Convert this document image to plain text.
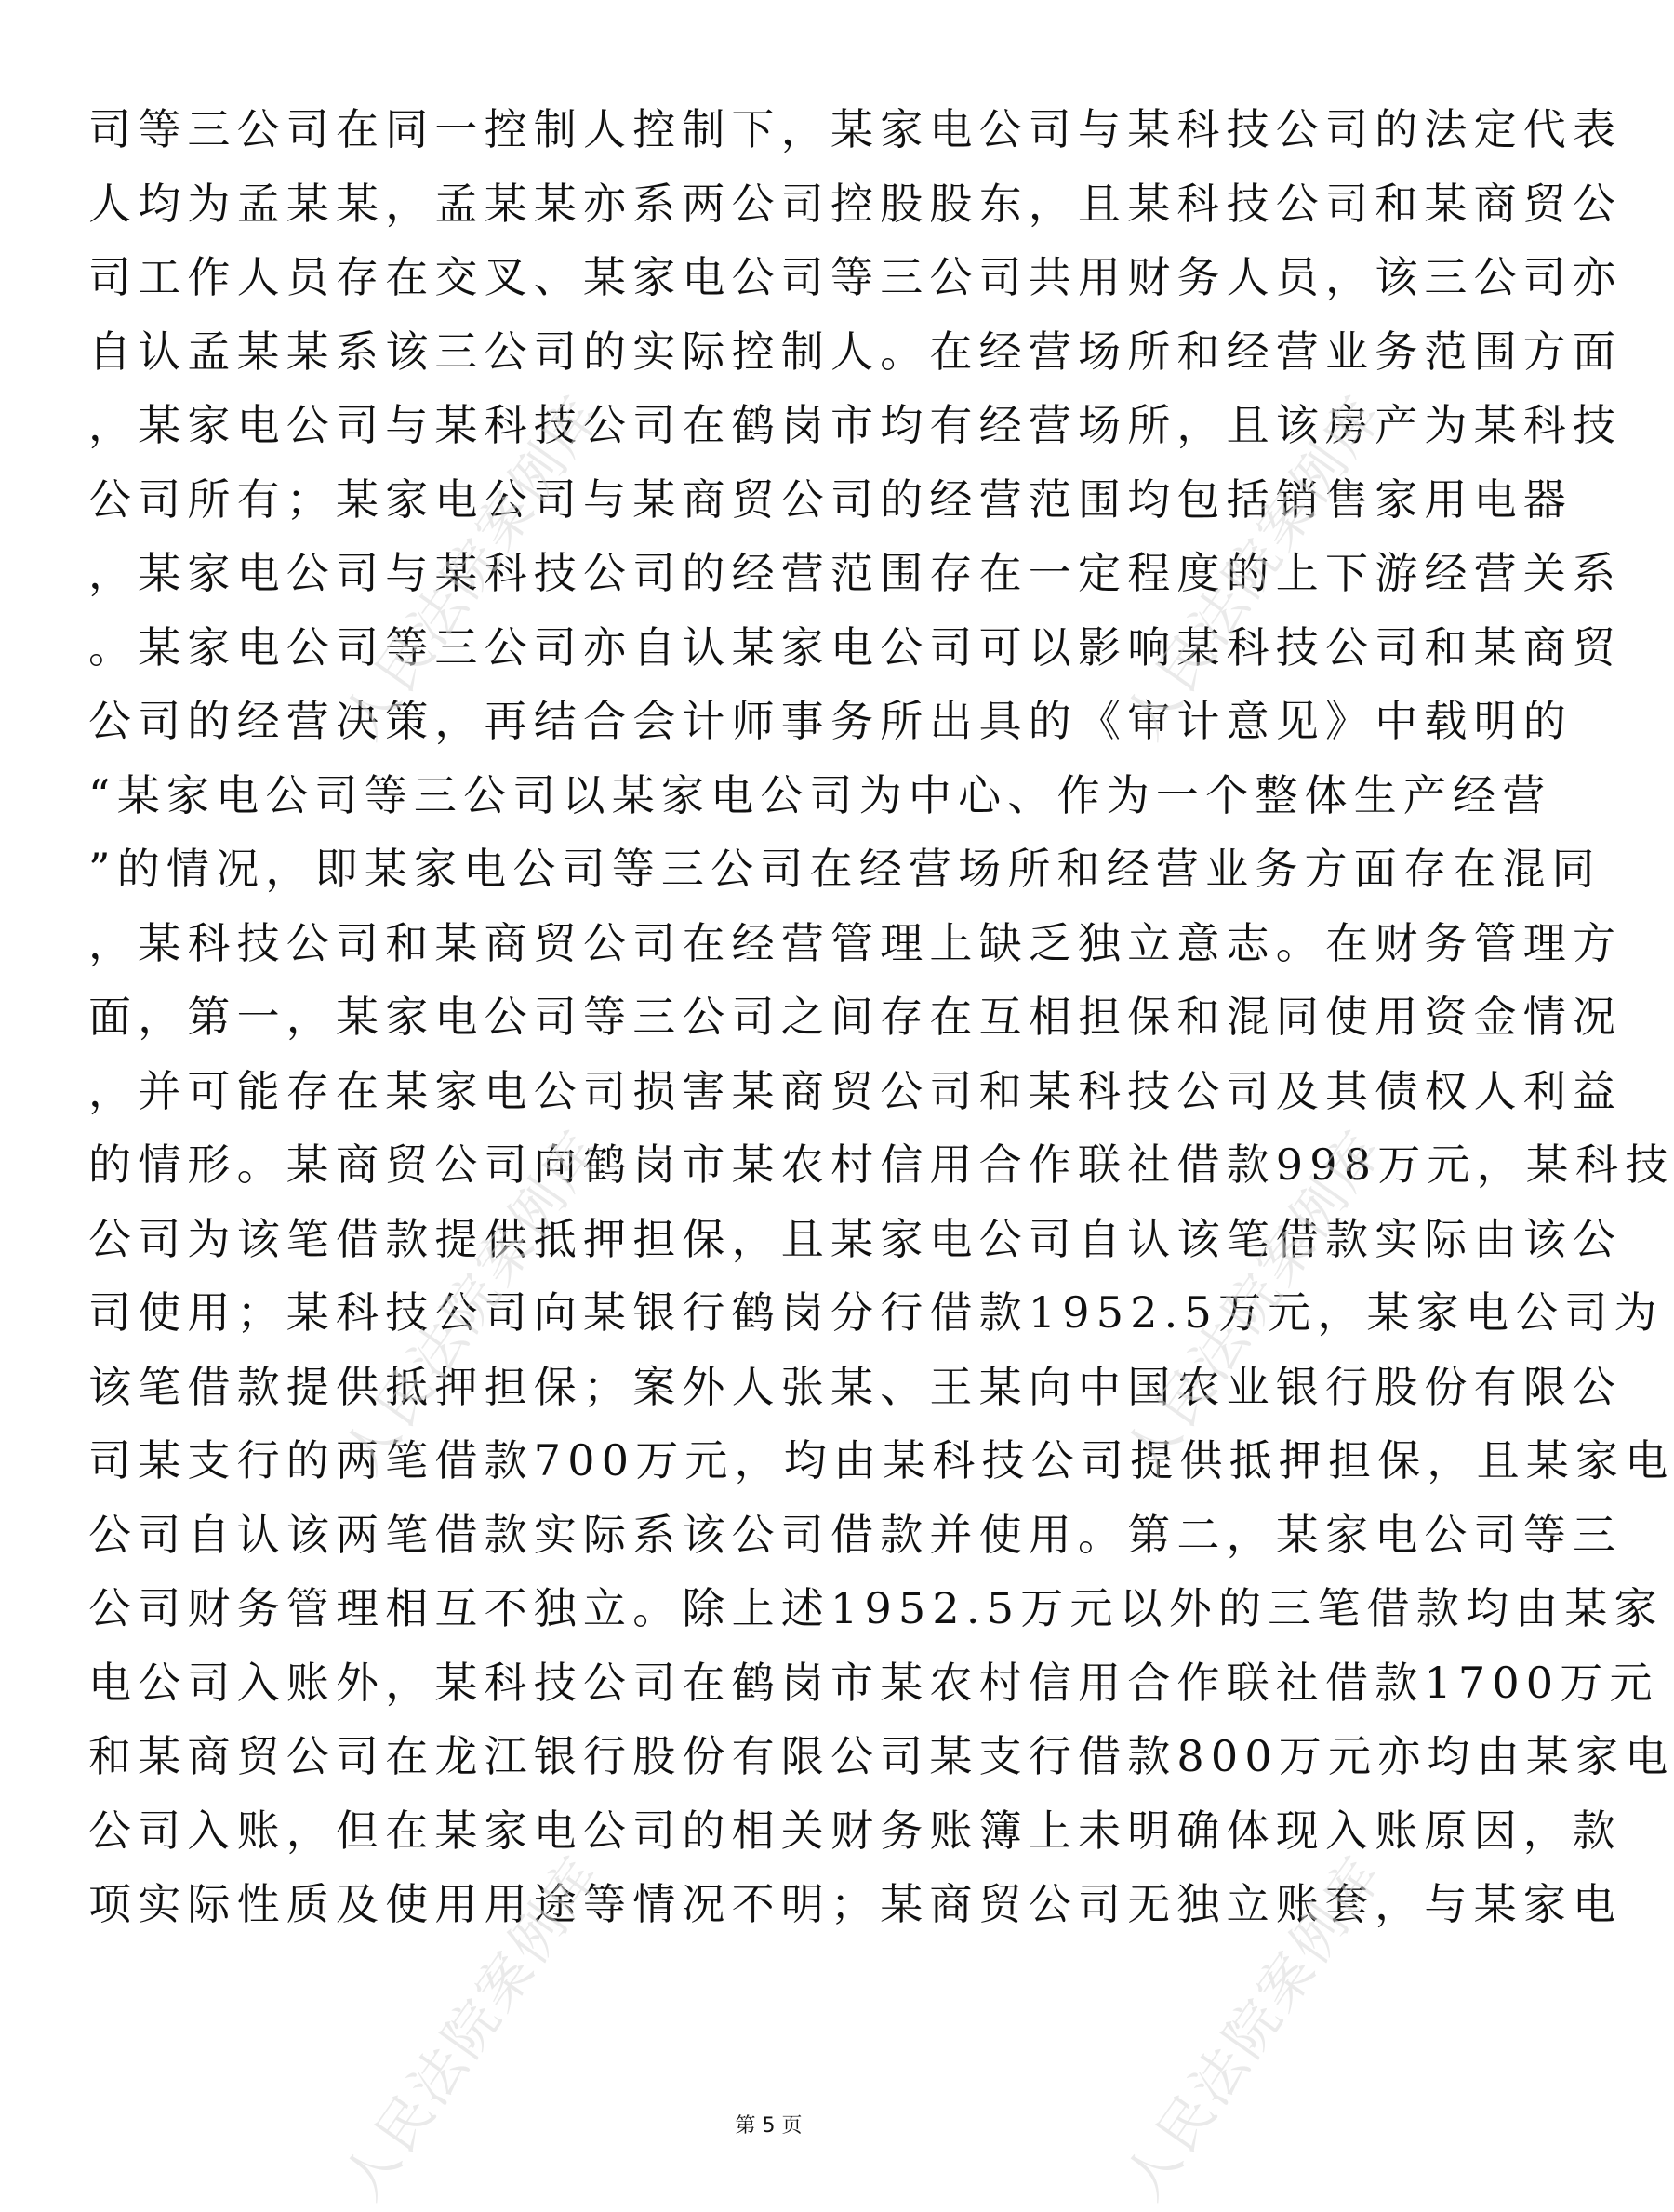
司等三公司在同一控制人控制下，某家电公司与某科技公司的法定代表
人均为孟某某，孟某某亦系两公司控股股东，且某科技公司和某商贸公
司工作人员存在交叉、某家电公司等三公司共用财务人员，该三公司亦
自认孟某某系该三公司的实际控制人。在经营场所和经营业务范围方面
，某家电公司与某科技公司在鹤岗市均有经营场所，且该房产为某科技
公司所有；某家电公司与某商贸公司的经营范围均包括销售家用电器
，某家电公司与某科技公司的经营范围存在一定程度的上下游经营关系
。某家电公司等三公司亦自认某家电公司可以影响某科技公司和某商贸
公司的经营决策，再结合会计师事务所出具的《审计意见》中载明的
“某家电公司等三公司以某家电公司为中心、作为一个整体生产经营
”的情况，即某家电公司等三公司在经营场所和经营业务方面存在混同
，某科技公司和某商贸公司在经营管理上缺乏独立意志。在财务管理方
面，第一，某家电公司等三公司之间存在互相担保和混同使用资金情况
，并可能存在某家电公司损害某商贸公司和某科技公司及其债权人利益
的情形。某商贸公司向鹤岗市某农村信用合作联社借款998万元，某科技
公司为该笔借款提供抵押担保，且某家电公司自认该笔借款实际由该公
司使用；某科技公司向某银行鹤岗分行借款1952.5万元，某家电公司为
该笔借款提供抵押担保；案外人张某、王某向中国农业银行股份有限公
司某支行的两笔借款700万元，均由某科技公司提供抵押担保，且某家电
公司自认该两笔借款实际系该公司借款并使用。第二，某家电公司等三
公司财务管理相互不独立。除上述1952.5万元以外的三笔借款均由某家
电公司入账外，某科技公司在鹤岗市某农村信用合作联社借款1700万元
和某商贸公司在龙江银行股份有限公司某支行借款800万元亦均由某家电
公司入账，但在某家电公司的相关财务账簿上未明确体现入账原因，款
项实际性质及使用用途等情况不明；某商贸公司无独立账套，与某家电
人民法院案例库	人民法院案例库
人民法院案例库	人民法院案例库
人民法院案例库	人民法院案例库
第 5 页
